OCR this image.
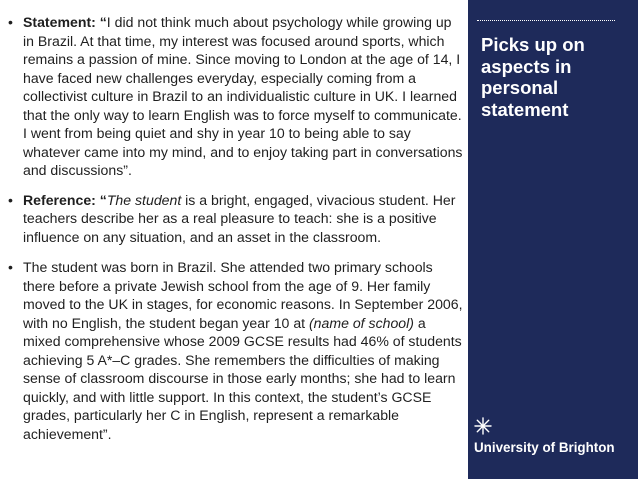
• Statement: “I did not think much about psychology while growing up in Brazil. At that time, my interest was focused around sports, which remains a passion of mine. Since moving to London at the age of 14, I have faced new challenges everyday, especially coming from a collectivist culture in Brazil to an individualistic culture in UK. I learned that the only way to learn English was to force myself to communicate. I went from being quiet and shy in year 10 to being able to say whatever came into my mind, and to enjoy taking part in conversations and discussions”.
• Reference: “The student is a bright, engaged, vivacious student. Her teachers describe her as a real pleasure to teach: she is a positive influence on any situation, and an asset in the classroom.
• The student was born in Brazil. She attended two primary schools there before a private Jewish school from the age of 9. Her family moved to the UK in stages, for economic reasons. In September 2006, with no English, the student began year 10 at (name of school) a mixed comprehensive whose 2009 GCSE results had 46% of students achieving 5 A*–C grades. She remembers the difficulties of making sense of classroom discourse in those early months; she had to learn quickly, and with little support. In this context, the student’s GCSE grades, particularly her C in English, represent a remarkable achievement”.
Picks up on aspects in personal statement
University of Brighton
